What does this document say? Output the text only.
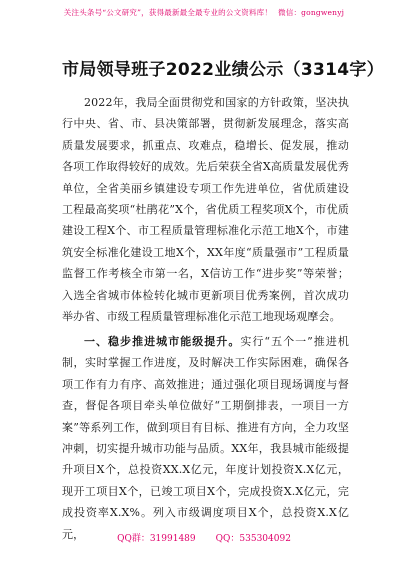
关注头条号“公文研究”，获得最新最全最专业的公文资料库！ 微信：gongwenyj
市局领导班子2022业绩公示（3314字）

2022年，我局全面贯彻党和国家的方针政策，坚决执行中央、省、市、县决策部署，贯彻新发展理念，落实高质量发展要求，抓重点、攻难点，稳增长、促发展，推动各项工作取得较好的成效。先后荣获全省X高质量发展优秀单位，全省美丽乡镇建设专项工作先进单位，省优质建设工程最高奖项“杜鹃花”X个，省优质工程奖项X个，市优质建设工程X个、市工程质量管理标准化示范工地X个，市建筑安全标准化建设工地X个，XX年度“质量强市”工程质量监督工作考核全市第一名，X信访工作“进步奖”等荣誉；入选全省城市体检转化城市更新项目优秀案例，首次成功举办省、市级工程质量管理标准化示范工地现场观摩会。

一、稳步推进城市能级提升。实行“五个一”推进机制，实时掌握工作进度，及时解决工作实际困难，确保各项工作有力有序、高效推进；通过强化项目现场调度与督查，督促各项目牵头单位做好“工期倒排表，一项目一方案”等系列工作，做到项目有目标、推进有方向，全力攻坚冲刺，切实提升城市功能与品质。XX年，我县城市能级提升项目X个，总投资XX.X亿元，年度计划投资X.X亿元，现开工项目X个，已竣工项目X个，完成投资X.X亿元，完成投资率X.X%。列入市级调度项目X个，总投资X.X亿元，	QQ群：31991489 QQ：535304092
